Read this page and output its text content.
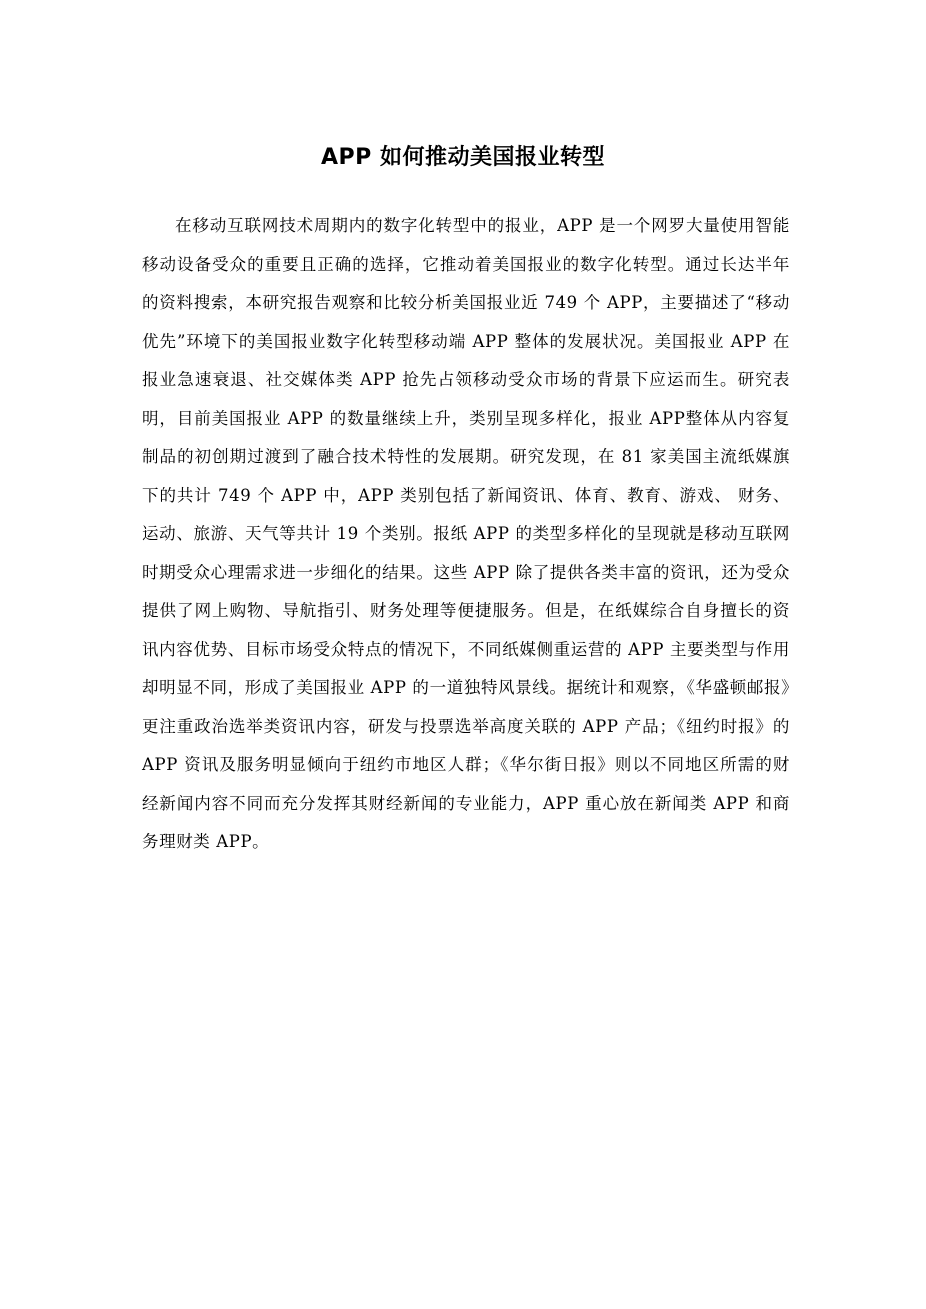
APP 如何推动美国报业转型

在移动互联网技术周期内的数字化转型中的报业，APP 是一个网罗大量使用智能移动设备受众的重要且正确的选择，它推动着美国报业的数字化转型。通过长达半年的资料搜索，本研究报告观察和比较分析美国报业近 749 个 APP，主要描述了“移动优先”环境下的美国报业数字化转型移动端 APP 整体的发展状况。美国报业 APP 在报业急速衰退、社交媒体类 APP 抢先占领移动受众市场的背景下应运而生。研究表明，目前美国报业 APP 的数量继续上升，类别呈现多样化，报业 APP整体从内容复制品的初创期过渡到了融合技术特性的发展期。研究发现，在 81 家美国主流纸媒旗下的共计 749 个 APP 中，APP 类别包括了新闻资讯、体育、教育、游戏、 财务、运动、旅游、天气等共计 19 个类别。报纸 APP 的类型多样化的呈现就是移动互联网时期受众心理需求进一步细化的结果。这些 APP 除了提供各类丰富的资讯，还为受众提供了网上购物、导航指引、财务处理等便捷服务。但是，在纸媒综合自身擅长的资讯内容优势、目标市场受众特点的情况下，不同纸媒侧重运营的 APP 主要类型与作用却明显不同，形成了美国报业 APP 的一道独特风景线。据统计和观察，《华盛顿邮报》更注重政治选举类资讯内容，研发与投票选举高度关联的 APP 产品；《纽约时报》的 APP 资讯及服务明显倾向于纽约市地区人群；《华尔街日报》则以不同地区所需的财经新闻内容不同而充分发挥其财经新闻的专业能力，APP 重心放在新闻类 APP 和商务理财类 APP。
